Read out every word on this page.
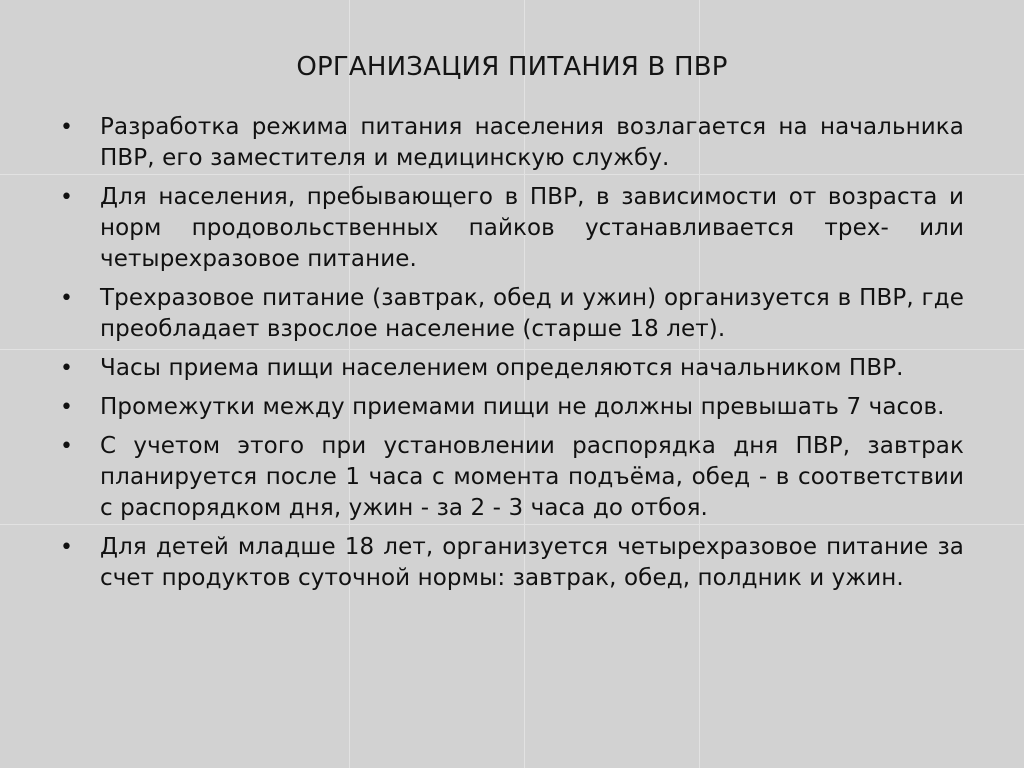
ОРГАНИЗАЦИЯ ПИТАНИЯ В ПВР
• Разработка режима питания населения возлагается на начальника ПВР, его заместителя и медицинскую службу.
• Для населения, пребывающего в ПВР, в зависимости от возраста и норм продовольственных пайков устанавливается трех- или четырехразовое питание.
• Трехразовое питание (завтрак, обед и ужин) организуется в ПВР, где преобладает взрослое население (старше 18 лет).
• Часы приема пищи населением определяются начальником ПВР.
• Промежутки между приемами пищи не должны превышать 7 часов.
• С учетом этого при установлении распорядка дня ПВР, завтрак планируется после 1 часа с момента подъёма, обед - в соответствии с распорядком дня, ужин - за 2 - 3 часа до отбоя.
• Для детей младше 18 лет, организуется четырехразовое питание за счет продуктов суточной нормы: завтрак, обед, полдник и ужин.
